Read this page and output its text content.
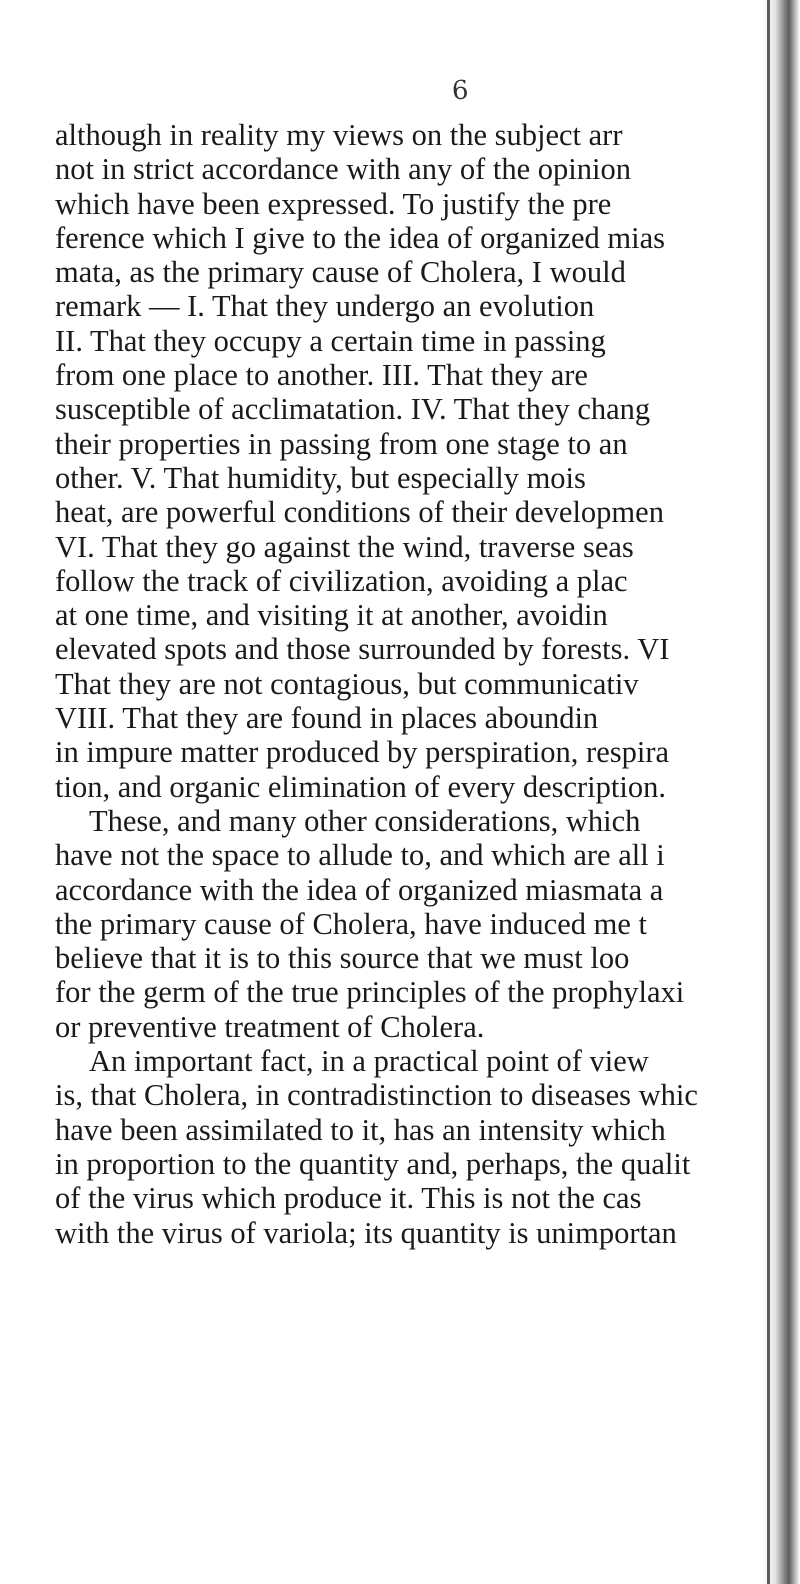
6
although in reality my views on the subject arr
not in strict accordance with any of the opinion
which have been expressed. To justify the pre
ference which I give to the idea of organized mias
mata, as the primary cause of Cholera, I would
remark — I. That they undergo an evolution
II. That they occupy a certain time in passing
from one place to another. III. That they are
susceptible of acclimatation. IV. That they chang
their properties in passing from one stage to an
other. V. That humidity, but especially mois
heat, are powerful conditions of their developmen
VI. That they go against the wind, traverse seas
follow the track of civilization, avoiding a plac
at one time, and visiting it at another, avoidin
elevated spots and those surrounded by forests. VI
That they are not contagious, but communicativ
VIII. That they are found in places aboundin
in impure matter produced by perspiration, respira
tion, and organic elimination of every description.
These, and many other considerations, which
have not the space to allude to, and which are all i
accordance with the idea of organized miasmata a
the primary cause of Cholera, have induced me t
believe that it is to this source that we must loo
for the germ of the true principles of the prophylaxi
or preventive treatment of Cholera.
An important fact, in a practical point of view
is, that Cholera, in contradistinction to diseases whic
have been assimilated to it, has an intensity which
in proportion to the quantity and, perhaps, the qualit
of the virus which produce it. This is not the cas
with the virus of variola; its quantity is unimportan
